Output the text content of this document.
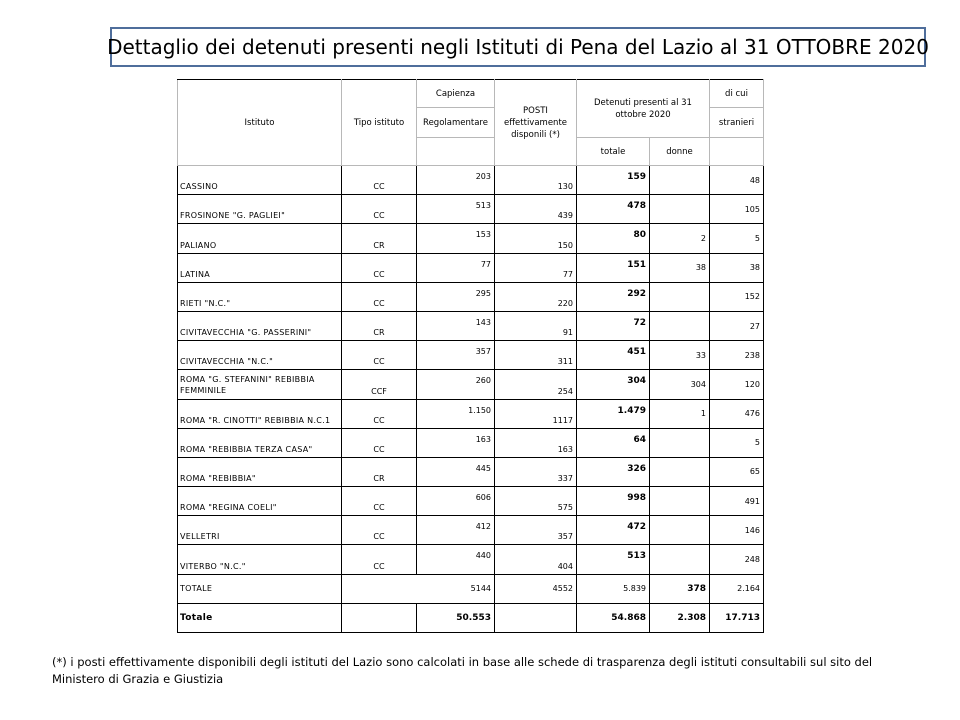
Dettaglio dei detenuti presenti negli Istituti di Pena del Lazio al 31 OTTOBRE 2020
Istituto	Tipo istituto	Capienza	POSTI effettivamente disponili (*)	Detenuti presenti al 31 ottobre 2020		di cui
		Regolamentare				stranieri
				totale	donne	
CASSINO	CC	203	130	159		48
FROSINONE "G. PAGLIEI"	CC	513	439	478		105
PALIANO	CR	153	150	80	2	5
LATINA	CC	77	77	151	38	38
RIETI "N.C."	CC	295	220	292		152
CIVITAVECCHIA "G. PASSERINI"	CR	143	91	72		27
CIVITAVECCHIA "N.C."	CC	357	311	451	33	238
ROMA "G. STEFANINI" REBIBBIA FEMMINILE	CCF	260	254	304	304	120
ROMA "R. CINOTTI" REBIBBIA N.C.1	CC	1.150	1117	1.479	1	476
ROMA "REBIBBIA TERZA CASA"	CC	163	163	64		5
ROMA "REBIBBIA"	CR	445	337	326		65
ROMA "REGINA COELI"	CC	606	575	998		491
VELLETRI	CC	412	357	472		146
VITERBO "N.C."	CC	440	404	513		248
TOTALE		5144	4552	5.839	378	2.164
Totale		50.553		54.868	2.308	17.713
(*) i posti effettivamente disponibili degli istituti del Lazio sono calcolati in base alle schede di trasparenza degli istituti consultabili sul sito del Ministero di Grazia e Giustizia
